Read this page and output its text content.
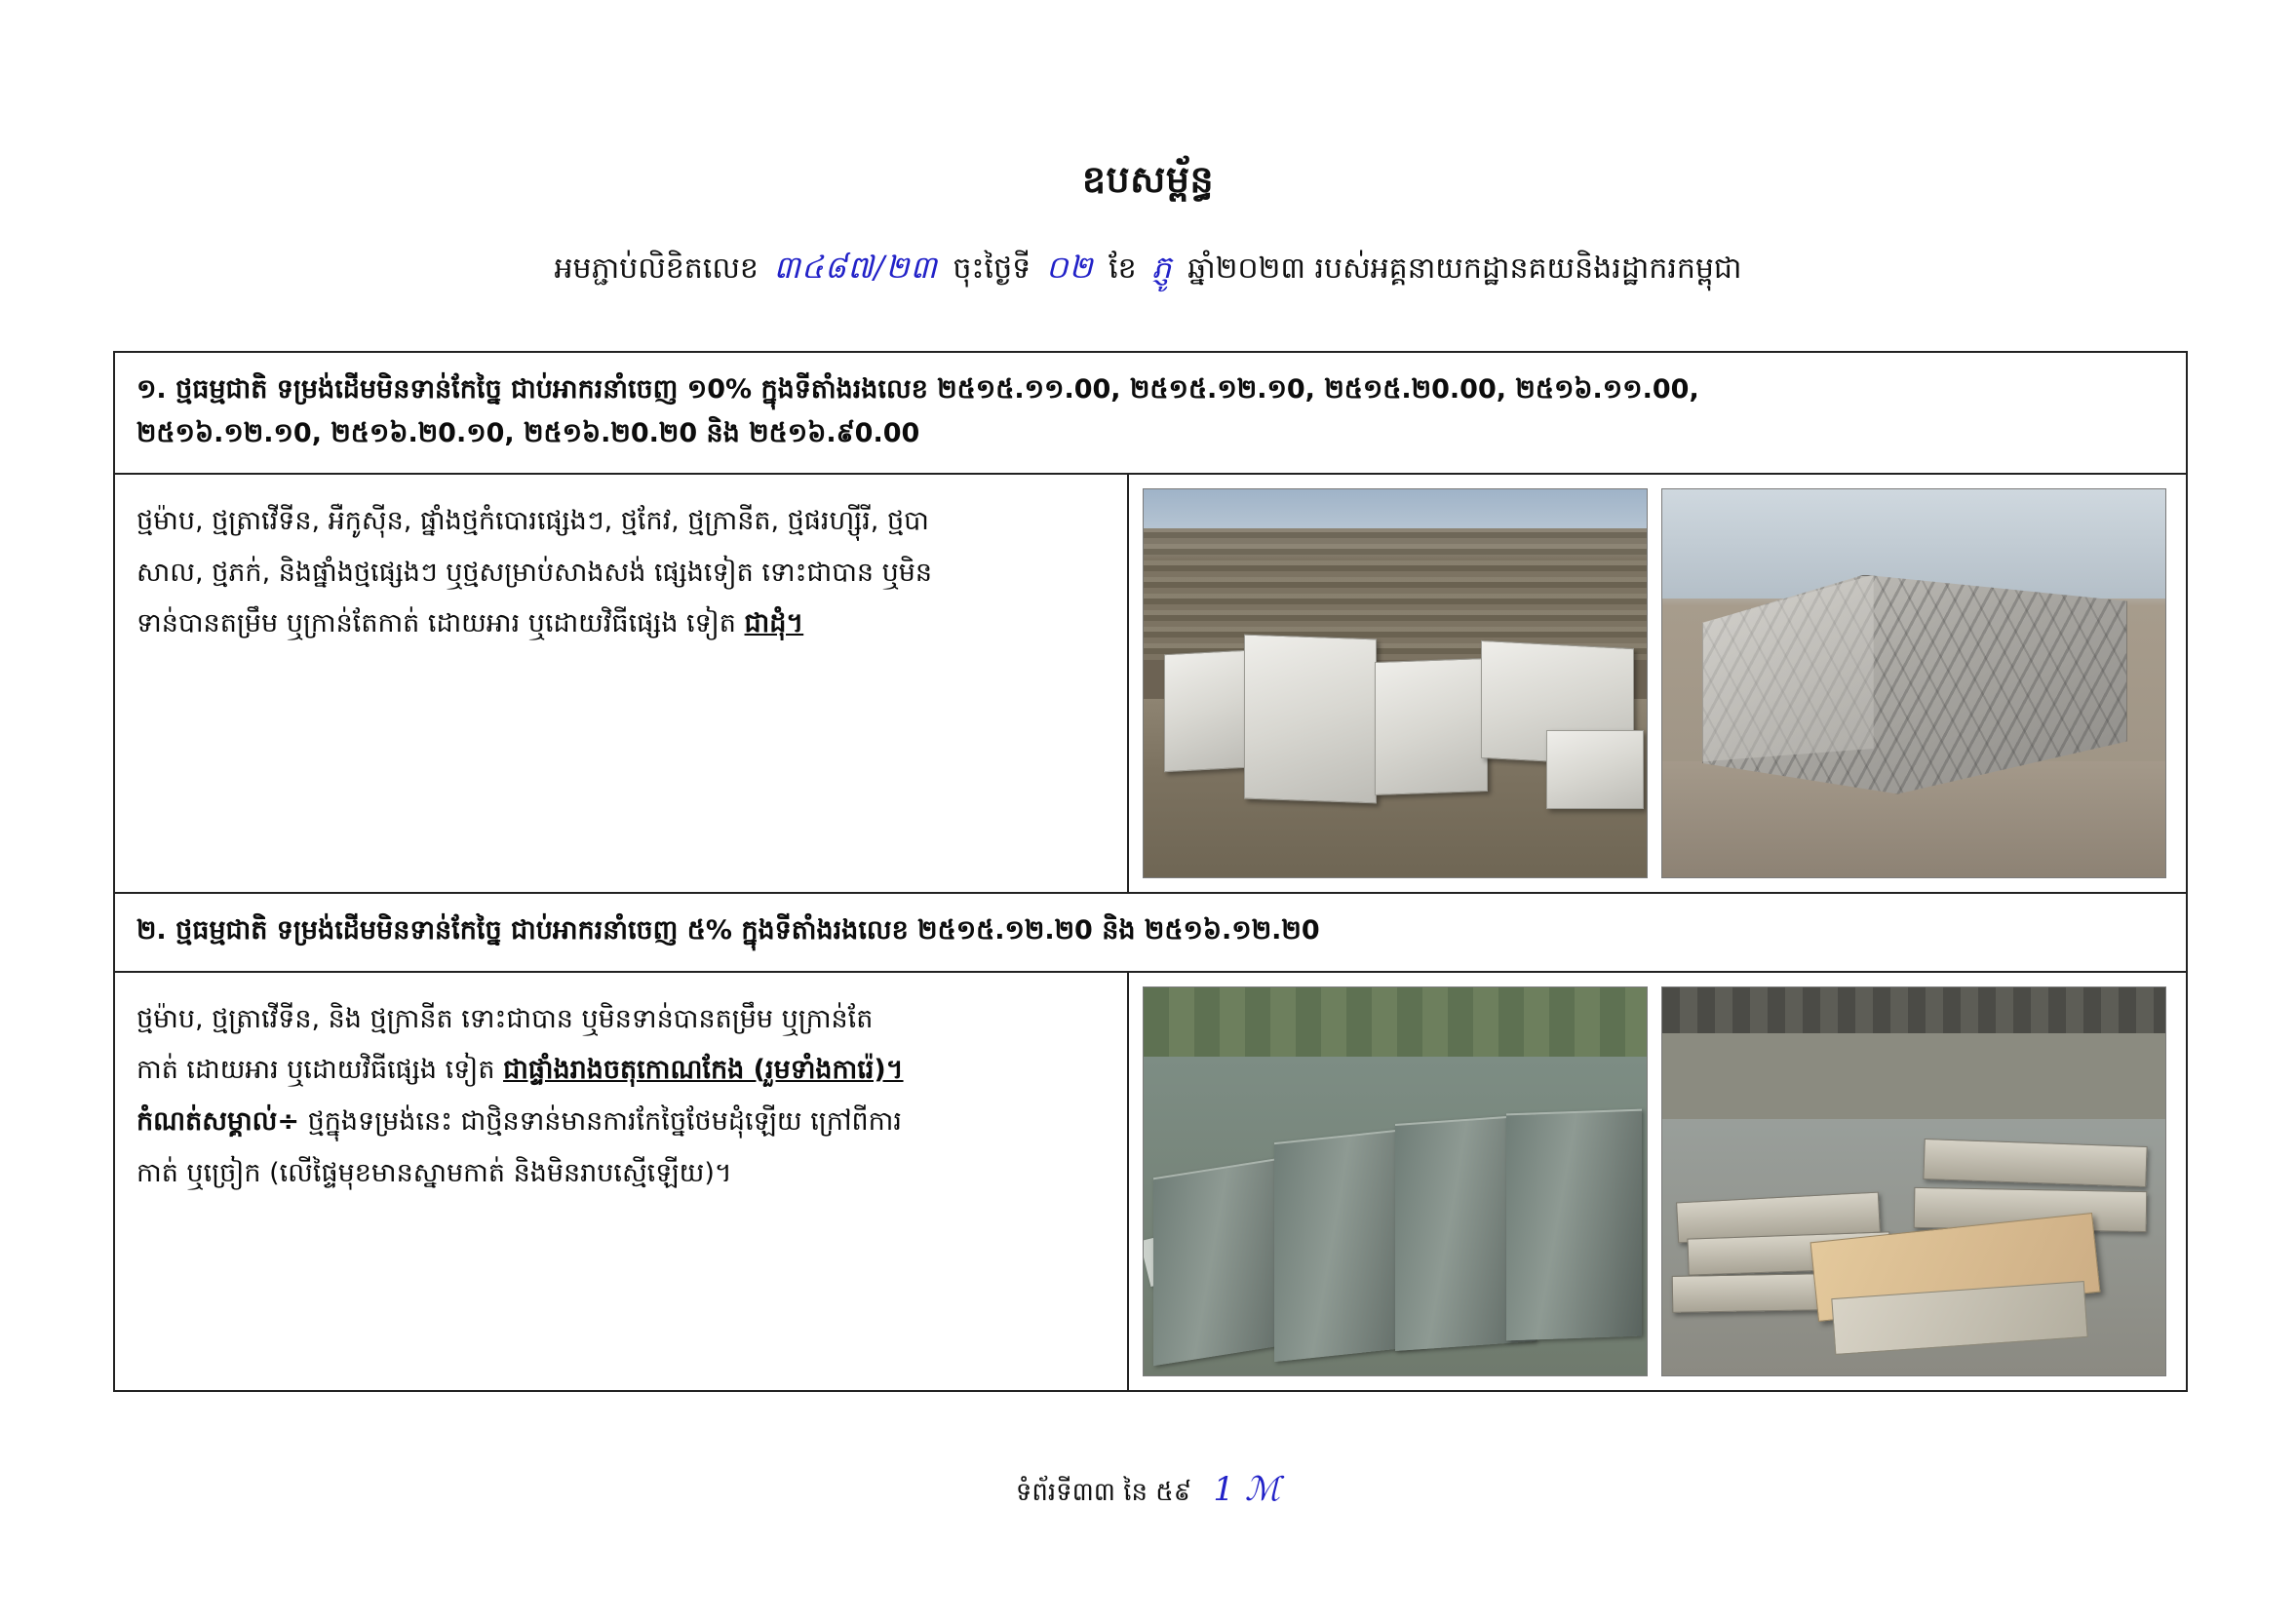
ឧបសម្ព័ន្ធ
អមភ្ជាប់លិខិតលេខ ៣៤៨៧/២៣ ចុះថ្ងៃទី ០២ ខែ ភ្ញូ ឆ្នាំ២០២៣ របស់អគ្គនាយកដ្ឋានគយនិងរដ្ឋាករកម្ពុជា
១. ថ្មធម្មជាតិ ទម្រង់ដើមមិនទាន់កែច្នៃ ជាប់អាករនាំចេញ ១0% ក្នុងទីតាំងរងលេខ ២៥១៥.១១.00, ២៥១៥.១២.១0, ២៥១៥.២0.00, ២៥១៦.១១.00,
២៥១៦.១២.១0, ២៥១៦.២0.១0, ២៥១៦.២0.២0 និង ២៥១៦.៩0.00

ថ្មម៉ាប, ថ្មត្រាវើទីន, អឺកូស៊ីន, ផ្នាំងថ្មកំបោរផ្សេងៗ, ថ្មកែវ, ថ្មក្រានីត, ថ្មផរហ្ស៊ីរី, ថ្មបា

សាល, ថ្មភក់, និងផ្នាំងថ្មផ្សេងៗ ឬថ្មសម្រាប់សាងសង់ ផ្សេងទៀត ទោះជាបាន ឬមិន

ទាន់បានតម្រឹម ឬក្រាន់តែកាត់ ដោយអារ ឬដោយវិធីផ្សេង ទៀត ជាដុំ។

២. ថ្មធម្មជាតិ ទម្រង់ដើមមិនទាន់កែច្នៃ ជាប់អាករនាំចេញ ៥% ក្នុងទីតាំងរងលេខ ២៥១៥.១២.២0 និង ២៥១៦.១២.២0

ថ្មម៉ាប, ថ្មត្រាវើទីន, និង ថ្មក្រានីត ទោះជាបាន ឬមិនទាន់បានតម្រឹម ឬក្រាន់តែ

កាត់ ដោយអារ ឬដោយវិធីផ្សេង ទៀត ជាផ្ទាំងរាងចតុកោណកែង (រួមទាំងការ៉េ)។

កំណត់សម្គាល់÷ ថ្មក្នុងទម្រង់នេះ ជាថ្មិនទាន់មានការកែច្នៃថែមដុំឡើយ ក្រៅពីការ

កាត់ ឬច្រៀក (លើផ្ទៃមុខមានស្នាមកាត់ និងមិនរាបស្មើឡើយ)។

ទំព័រទី៣៣ នៃ ៥៩ 1 ℳ
